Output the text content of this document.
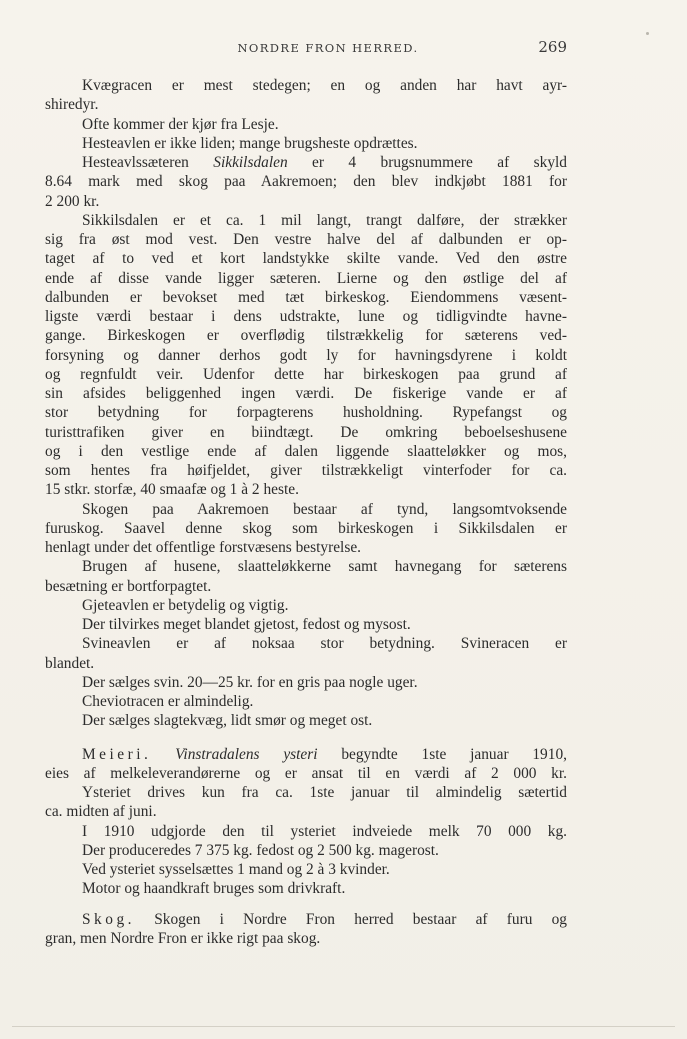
NORDRE FRON HERRED.	269
Kvægracen er mest stedegen; en og anden har havt ayr-
shiredyr.
Ofte kommer der kjør fra Lesje.
Hesteavlen er ikke liden; mange brugsheste opdrættes.
Hesteavlssæteren Sikkilsdalen er 4 brugsnummere af skyld
8.64 mark med skog paa Aakremoen; den blev indkjøbt 1881 for
2 200 kr.
Sikkilsdalen er et ca. 1 mil langt, trangt dalføre, der strækker
sig fra øst mod vest. Den vestre halve del af dalbunden er op-
taget af to ved et kort landstykke skilte vande. Ved den østre
ende af disse vande ligger sæteren. Lierne og den østlige del af
dalbunden er bevokset med tæt birkeskog. Eiendommens væsent-
ligste værdi bestaar i dens udstrakte, lune og tidligvindte havne-
gange. Birkeskogen er overflødig tilstrækkelig for sæterens ved-
forsyning og danner derhos godt ly for havningsdyrene i koldt
og regnfuldt veir. Udenfor dette har birkeskogen paa grund af
sin afsides beliggenhed ingen værdi. De fiskerige vande er af
stor betydning for forpagterens husholdning. Rypefangst og
turisttrafiken giver en biindtægt. De omkring beboelseshusene
og i den vestlige ende af dalen liggende slaatteløkker og mos,
som hentes fra høifjeldet, giver tilstrækkeligt vinterfoder for ca.
15 stkr. storfæ, 40 smaafæ og 1 à 2 heste.
Skogen paa Aakremoen bestaar af tynd, langsomtvoksende
furuskog. Saavel denne skog som birkeskogen i Sikkilsdalen er
henlagt under det offentlige forstvæsens bestyrelse.
Brugen af husene, slaatteløkkerne samt havnegang for sæterens
besætning er bortforpagtet.
Gjeteavlen er betydelig og vigtig.
Der tilvirkes meget blandet gjetost, fedost og mysost.
Svineavlen er af noksaa stor betydning. Svineracen er
blandet.
Der sælges svin. 20—25 kr. for en gris paa nogle uger.
Cheviotracen er almindelig.
Der sælges slagtekvæg, lidt smør og meget ost.
Meieri. Vinstradalens ysteri begyndte 1ste januar 1910,
eies af melkeleverandørerne og er ansat til en værdi af 2 000 kr.
Ysteriet drives kun fra ca. 1ste januar til almindelig sætertid
ca. midten af juni.
I 1910 udgjorde den til ysteriet indveiede melk 70 000 kg.
Der produceredes 7 375 kg. fedost og 2 500 kg. magerost.
Ved ysteriet sysselsættes 1 mand og 2 à 3 kvinder.
Motor og haandkraft bruges som drivkraft.
Skog. Skogen i Nordre Fron herred bestaar af furu og
gran, men Nordre Fron er ikke rigt paa skog.
